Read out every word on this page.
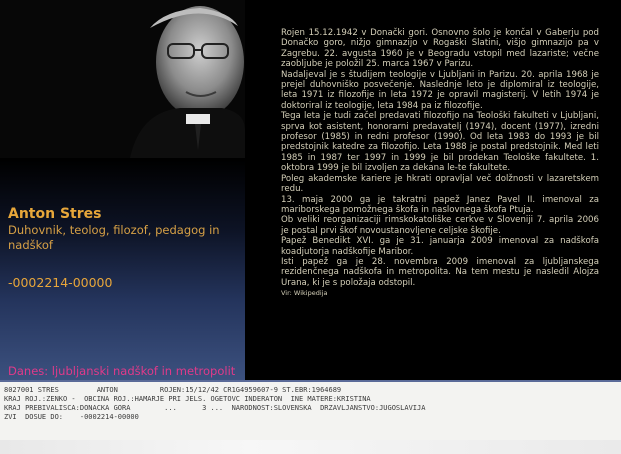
Anton Stres
Duhovnik, teolog, filozof, pedagog in nadškof
-0002214-00000
Danes: ljubljanski nadškof in metropolit

Rojen 15.12.1942 v Donački gori. Osnovno šolo je končal v Gaberju pod Donačko goro, nižjo gimnazijo v Rogaški Slatini, višjo gimnazijo pa v Zagrebu. 22. avgusta 1960 je v Beogradu vstopil med lazariste; večne zaobljube je položil 25. marca 1967 v Parizu.

Nadaljeval je s študijem teologije v Ljubljani in Parizu. 20. aprila 1968 je prejel duhovniško posvečenje. Naslednje leto je diplomiral iz teologije, leta 1971 iz filozofije in leta 1972 je opravil magisterij. V letih 1974 je doktoriral iz teologije, leta 1984 pa iz filozofije.

Tega leta je tudi začel predavati filozofijo na Teološki fakulteti v Ljubljani, sprva kot asistent, honorarni predavatelj (1974), docent (1977), izredni profesor (1985) in redni profesor (1990). Od leta 1983 do 1993 je bil predstojnik katedre za filozofijo. Leta 1988 je postal predstojnik. Med leti 1985 in 1987 ter 1997 in 1999 je bil prodekan Teološke fakultete. 1. oktobra 1999 je bil izvoljen za dekana le-te fakultete.

Poleg akademske kariere je hkrati opravljal več dolžnosti v lazaretskem redu.

13. maja 2000 ga je takratni papež Janez Pavel II. imenoval za mariborskega pomožnega škofa in naslovnega škofa Ptuja.

Ob veliki reorganizaciji rimskokatoliške cerkve v Sloveniji 7. aprila 2006 je postal prvi škof novoustanovljene celjske škofije.

Papež Benedikt XVI. ga je 31. januarja 2009 imenoval za nadškofa koadjutorja nadškofije Maribor.

Isti papež ga je 28. novembra 2009 imenoval za ljubljanskega rezidenčnega nadškofa in metropolita. Na tem mestu je nasledil Alojza Urana, ki je s položaja odstopil.

Vir: Wikipedija
8027001 STRES         ANTON          ROJEN:15/12/42 CR1G4959607-9 ST.EBR:1964689
KRAJ ROJ.:ZENKO -  OBCINA ROJ.:HAMARJE PRI JELS. OGETOVC INDERATON  INE MATERE:KRISTINA
KRAJ PREBIVALISCA:DONACKA GORA        ...      3 ...  NARODNOST:SLOVENSKA  DRZAVLJANSTVO:JUGOSLAVIJA
ZVI  DOSUE DO:    -0002214-00000
